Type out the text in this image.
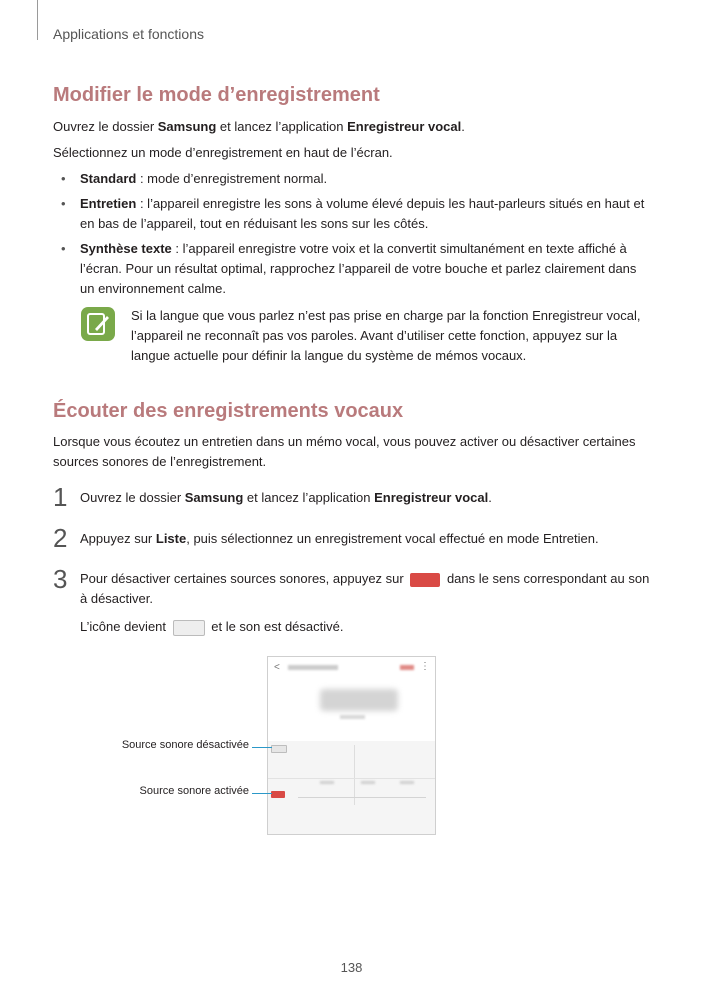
Applications et fonctions
Modifier le mode d’enregistrement

Ouvrez le dossier Samsung et lancez l’application Enregistreur vocal.

Sélectionnez un mode d’enregistrement en haut de l’écran.

• Standard : mode d’enregistrement normal.
• Entretien : l’appareil enregistre les sons à volume élevé depuis les haut-parleurs situés en haut et en bas de l’appareil, tout en réduisant les sons sur les côtés.
• Synthèse texte : l’appareil enregistre votre voix et la convertit simultanément en texte affiché à l’écran. Pour un résultat optimal, rapprochez l’appareil de votre bouche et parlez clairement dans un environnement calme.
Si la langue que vous parlez n’est pas prise en charge par la fonction Enregistreur vocal, l’appareil ne reconnaît pas vos paroles. Avant d’utiliser cette fonction, appuyez sur la langue actuelle pour définir la langue du système de mémos vocaux.
Écouter des enregistrements vocaux

Lorsque vous écoutez un entretien dans un mémo vocal, vous pouvez activer ou désactiver certaines sources sonores de l’enregistrement.

1 Ouvrez le dossier Samsung et lancez l’application Enregistreur vocal.
2 Appuyez sur Liste, puis sélectionnez un enregistrement vocal effectué en mode Entretien.
3 Pour désactiver certaines sources sonores, appuyez sur	dans le sens correspondant au son à désactiver.
L’icône devient	et le son est désactivé.
<	⋮
Source sonore désactivée
Source sonore activée
138
